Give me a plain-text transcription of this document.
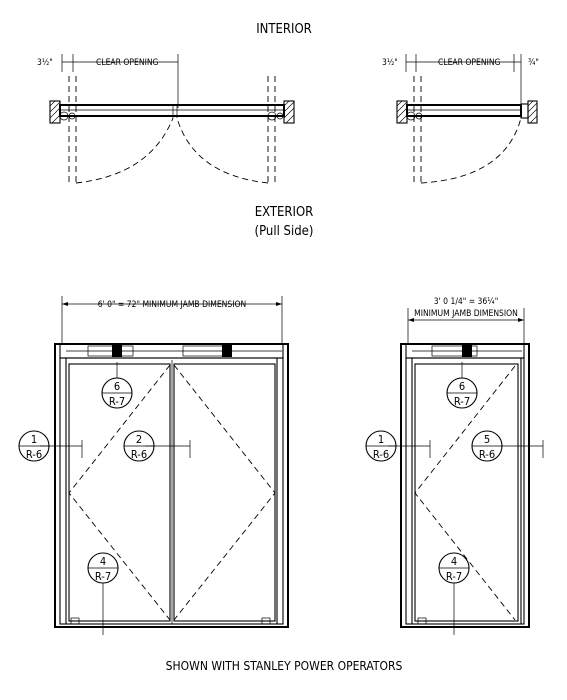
INTERIOR
3½"	CLEAR OPENING	3½"	CLEAR OPENING	¾"
EXTERIOR
(Pull Side)
6' 0" = 72" MINIMUM JAMB DIMENSION
6
R-7
1
R-6
2
R-6
4
R-7
3' 0 1/4" = 36¼"
MINIMUM JAMB DIMENSION
6
R-7
1
R-6
5
R-6
4
R-7
SHOWN WITH STANLEY POWER OPERATORS
